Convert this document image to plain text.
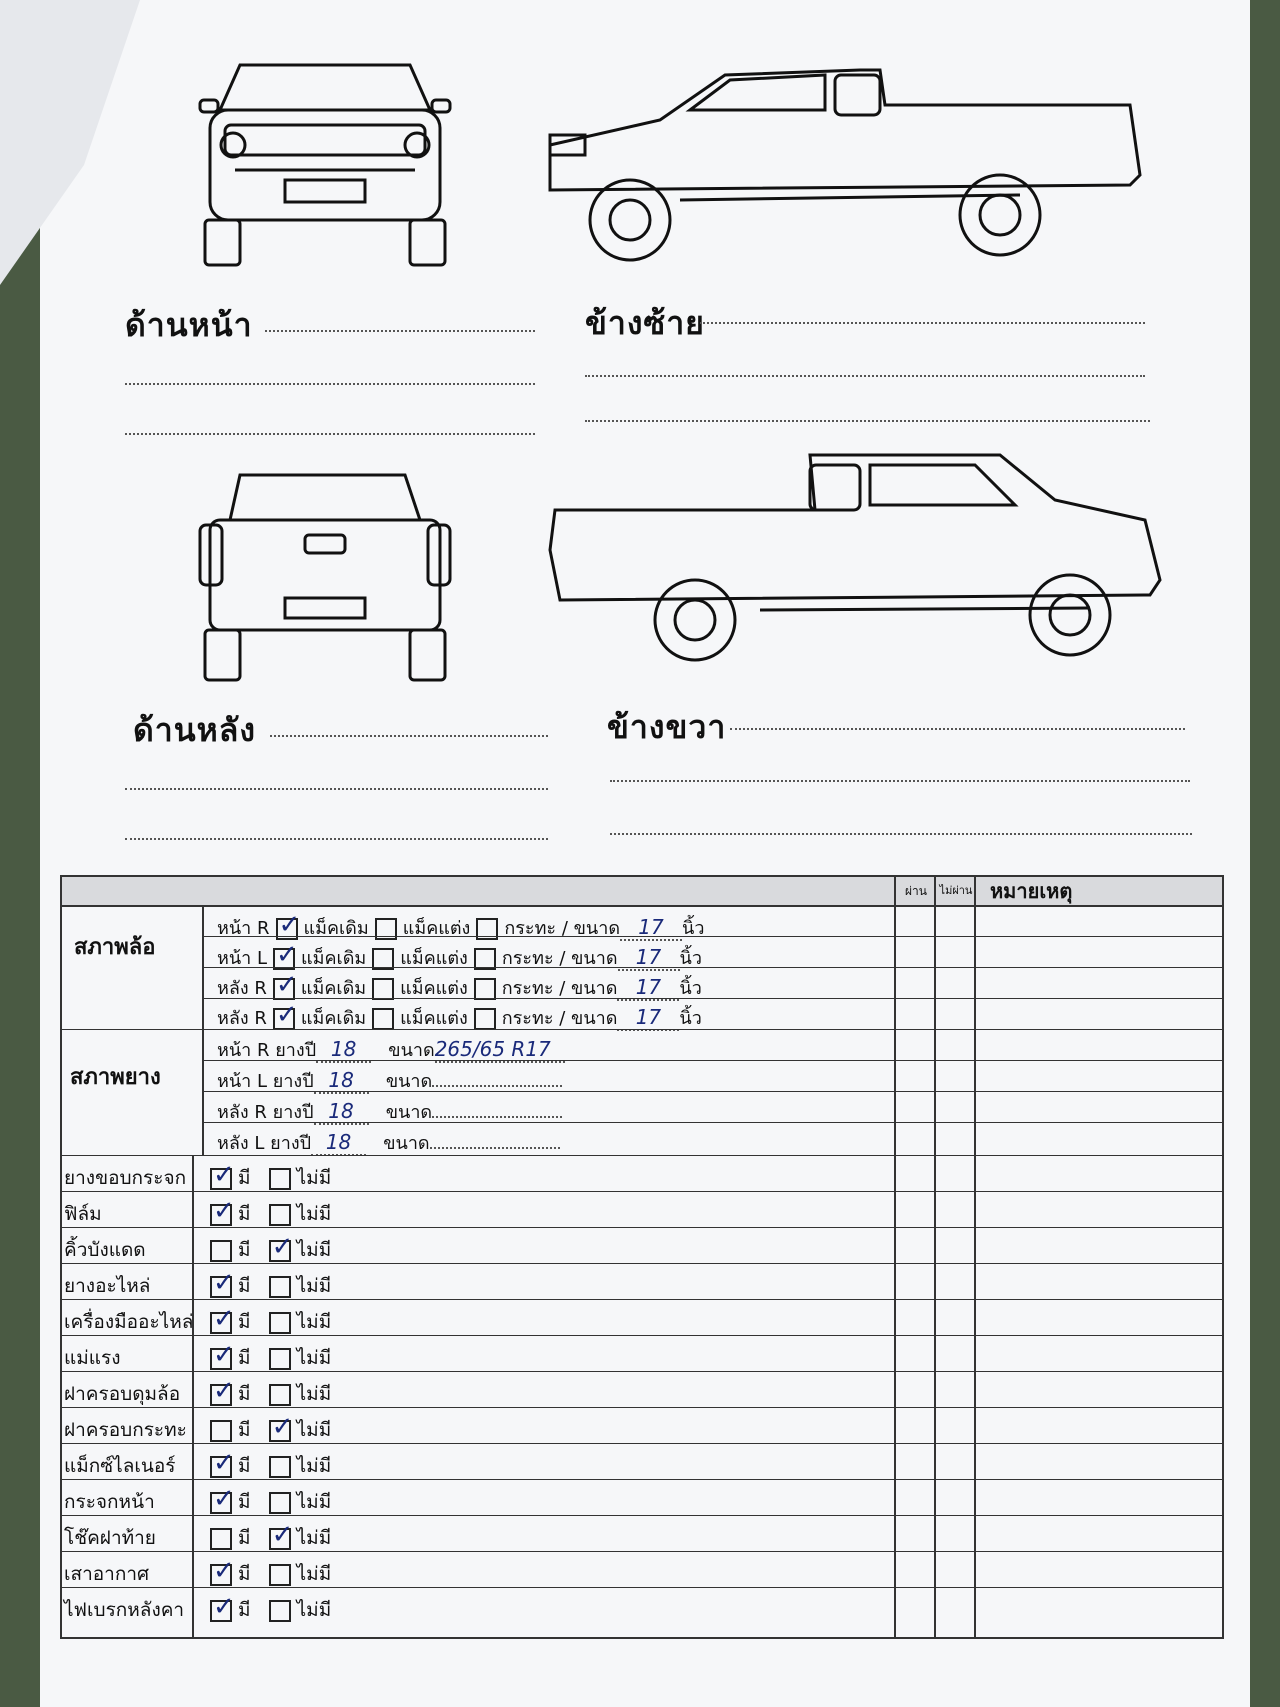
ด้านหน้า	ข้างซ้าย
ด้านหลัง	ข้างขวา
ผ่าน	ไม่ผ่าน หมายเหตุ
สภาพล้อ
หน้า R ✓ แม็คเดิม แม็คแต่ง กระทะ / ขนาด 17 นิ้ว
หน้า L ✓ แม็คเดิม แม็คแต่ง กระทะ / ขนาด 17 นิ้ว
หลัง R ✓ แม็คเดิม แม็คแต่ง กระทะ / ขนาด 17 นิ้ว
หลัง R ✓ แม็คเดิม แม็คแต่ง กระทะ / ขนาด 17 นิ้ว
สภาพยาง
หน้า R ยางปี 18 ขนาด265/65 R17
หน้า L ยางปี 18 ขนาด
หลัง R ยางปี 18 ขนาด
หลัง L ยางปี 18 ขนาด
ยางขอบกระจก ✓ มี ไม่มี
ฟิล์ม	✓ มี ไม่มี
คิ้วบังแดด	มี ✓ ไม่มี
ยางอะไหล่ ✓ มี ไม่มี
เครื่องมืออะไหล่ ✓ มี ไม่มี
แม่แรง	✓ มี ไม่มี
ฝาครอบดุมล้อ ✓ มี ไม่มี
ฝาครอบกระทะ	มี ✓ ไม่มี
แม็กซ์ไลเนอร์ ✓ มี ไม่มี
กระจกหน้า ✓ มี ไม่มี
โช๊คฝาท้าย	มี ✓ ไม่มี
เสาอากาศ ✓ มี ไม่มี
ไฟเบรกหลังคา ✓ มี ไม่มี
